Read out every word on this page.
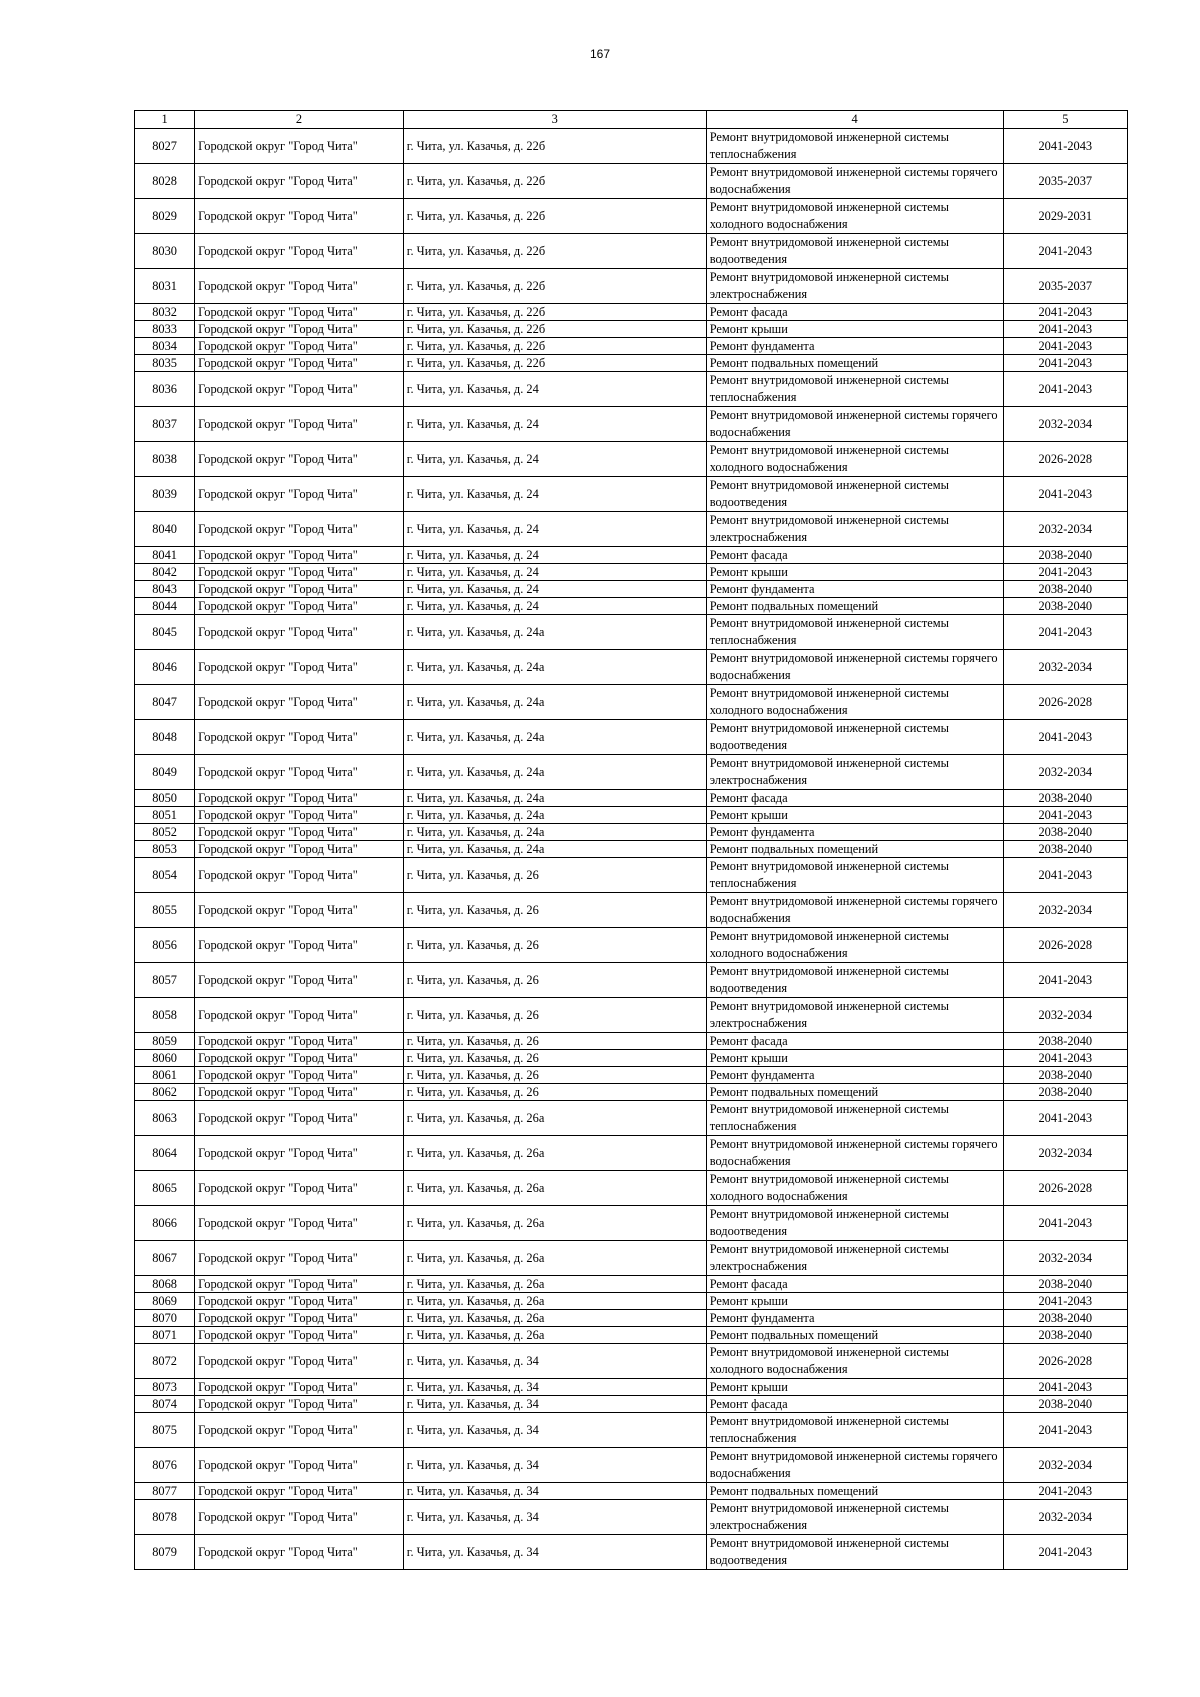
167
1	2	3	4	5
8027	Городской округ "Город Чита"	г. Чита, ул. Казачья, д. 22б	Ремонт внутридомовой инженерной системы теплоснабжения	2041-2043
8028	Городской округ "Город Чита"	г. Чита, ул. Казачья, д. 22б	Ремонт внутридомовой инженерной системы горячего водоснабжения	2035-2037
8029	Городской округ "Город Чита"	г. Чита, ул. Казачья, д. 22б	Ремонт внутридомовой инженерной системы холодного водоснабжения	2029-2031
8030	Городской округ "Город Чита"	г. Чита, ул. Казачья, д. 22б	Ремонт внутридомовой инженерной системы водоотведения	2041-2043
8031	Городской округ "Город Чита"	г. Чита, ул. Казачья, д. 22б	Ремонт внутридомовой инженерной системы электроснабжения	2035-2037
8032	Городской округ "Город Чита"	г. Чита, ул. Казачья, д. 22б	Ремонт фасада	2041-2043
8033	Городской округ "Город Чита"	г. Чита, ул. Казачья, д. 22б	Ремонт крыши	2041-2043
8034	Городской округ "Город Чита"	г. Чита, ул. Казачья, д. 22б	Ремонт фундамента	2041-2043
8035	Городской округ "Город Чита"	г. Чита, ул. Казачья, д. 22б	Ремонт подвальных помещений	2041-2043
8036	Городской округ "Город Чита"	г. Чита, ул. Казачья, д. 24	Ремонт внутридомовой инженерной системы теплоснабжения	2041-2043
8037	Городской округ "Город Чита"	г. Чита, ул. Казачья, д. 24	Ремонт внутридомовой инженерной системы горячего водоснабжения	2032-2034
8038	Городской округ "Город Чита"	г. Чита, ул. Казачья, д. 24	Ремонт внутридомовой инженерной системы холодного водоснабжения	2026-2028
8039	Городской округ "Город Чита"	г. Чита, ул. Казачья, д. 24	Ремонт внутридомовой инженерной системы водоотведения	2041-2043
8040	Городской округ "Город Чита"	г. Чита, ул. Казачья, д. 24	Ремонт внутридомовой инженерной системы электроснабжения	2032-2034
8041	Городской округ "Город Чита"	г. Чита, ул. Казачья, д. 24	Ремонт фасада	2038-2040
8042	Городской округ "Город Чита"	г. Чита, ул. Казачья, д. 24	Ремонт крыши	2041-2043
8043	Городской округ "Город Чита"	г. Чита, ул. Казачья, д. 24	Ремонт фундамента	2038-2040
8044	Городской округ "Город Чита"	г. Чита, ул. Казачья, д. 24	Ремонт подвальных помещений	2038-2040
8045	Городской округ "Город Чита"	г. Чита, ул. Казачья, д. 24а	Ремонт внутридомовой инженерной системы теплоснабжения	2041-2043
8046	Городской округ "Город Чита"	г. Чита, ул. Казачья, д. 24а	Ремонт внутридомовой инженерной системы горячего водоснабжения	2032-2034
8047	Городской округ "Город Чита"	г. Чита, ул. Казачья, д. 24а	Ремонт внутридомовой инженерной системы холодного водоснабжения	2026-2028
8048	Городской округ "Город Чита"	г. Чита, ул. Казачья, д. 24а	Ремонт внутридомовой инженерной системы водоотведения	2041-2043
8049	Городской округ "Город Чита"	г. Чита, ул. Казачья, д. 24а	Ремонт внутридомовой инженерной системы электроснабжения	2032-2034
8050	Городской округ "Город Чита"	г. Чита, ул. Казачья, д. 24а	Ремонт фасада	2038-2040
8051	Городской округ "Город Чита"	г. Чита, ул. Казачья, д. 24а	Ремонт крыши	2041-2043
8052	Городской округ "Город Чита"	г. Чита, ул. Казачья, д. 24а	Ремонт фундамента	2038-2040
8053	Городской округ "Город Чита"	г. Чита, ул. Казачья, д. 24а	Ремонт подвальных помещений	2038-2040
8054	Городской округ "Город Чита"	г. Чита, ул. Казачья, д. 26	Ремонт внутридомовой инженерной системы теплоснабжения	2041-2043
8055	Городской округ "Город Чита"	г. Чита, ул. Казачья, д. 26	Ремонт внутридомовой инженерной системы горячего водоснабжения	2032-2034
8056	Городской округ "Город Чита"	г. Чита, ул. Казачья, д. 26	Ремонт внутридомовой инженерной системы холодного водоснабжения	2026-2028
8057	Городской округ "Город Чита"	г. Чита, ул. Казачья, д. 26	Ремонт внутридомовой инженерной системы водоотведения	2041-2043
8058	Городской округ "Город Чита"	г. Чита, ул. Казачья, д. 26	Ремонт внутридомовой инженерной системы электроснабжения	2032-2034
8059	Городской округ "Город Чита"	г. Чита, ул. Казачья, д. 26	Ремонт фасада	2038-2040
8060	Городской округ "Город Чита"	г. Чита, ул. Казачья, д. 26	Ремонт крыши	2041-2043
8061	Городской округ "Город Чита"	г. Чита, ул. Казачья, д. 26	Ремонт фундамента	2038-2040
8062	Городской округ "Город Чита"	г. Чита, ул. Казачья, д. 26	Ремонт подвальных помещений	2038-2040
8063	Городской округ "Город Чита"	г. Чита, ул. Казачья, д. 26а	Ремонт внутридомовой инженерной системы теплоснабжения	2041-2043
8064	Городской округ "Город Чита"	г. Чита, ул. Казачья, д. 26а	Ремонт внутридомовой инженерной системы горячего водоснабжения	2032-2034
8065	Городской округ "Город Чита"	г. Чита, ул. Казачья, д. 26а	Ремонт внутридомовой инженерной системы холодного водоснабжения	2026-2028
8066	Городской округ "Город Чита"	г. Чита, ул. Казачья, д. 26а	Ремонт внутридомовой инженерной системы водоотведения	2041-2043
8067	Городской округ "Город Чита"	г. Чита, ул. Казачья, д. 26а	Ремонт внутридомовой инженерной системы электроснабжения	2032-2034
8068	Городской округ "Город Чита"	г. Чита, ул. Казачья, д. 26а	Ремонт фасада	2038-2040
8069	Городской округ "Город Чита"	г. Чита, ул. Казачья, д. 26а	Ремонт крыши	2041-2043
8070	Городской округ "Город Чита"	г. Чита, ул. Казачья, д. 26а	Ремонт фундамента	2038-2040
8071	Городской округ "Город Чита"	г. Чита, ул. Казачья, д. 26а	Ремонт подвальных помещений	2038-2040
8072	Городской округ "Город Чита"	г. Чита, ул. Казачья, д. 34	Ремонт внутридомовой инженерной системы холодного водоснабжения	2026-2028
8073	Городской округ "Город Чита"	г. Чита, ул. Казачья, д. 34	Ремонт крыши	2041-2043
8074	Городской округ "Город Чита"	г. Чита, ул. Казачья, д. 34	Ремонт фасада	2038-2040
8075	Городской округ "Город Чита"	г. Чита, ул. Казачья, д. 34	Ремонт внутридомовой инженерной системы теплоснабжения	2041-2043
8076	Городской округ "Город Чита"	г. Чита, ул. Казачья, д. 34	Ремонт внутридомовой инженерной системы горячего водоснабжения	2032-2034
8077	Городской округ "Город Чита"	г. Чита, ул. Казачья, д. 34	Ремонт подвальных помещений	2041-2043
8078	Городской округ "Город Чита"	г. Чита, ул. Казачья, д. 34	Ремонт внутридомовой инженерной системы электроснабжения	2032-2034
8079	Городской округ "Город Чита"	г. Чита, ул. Казачья, д. 34	Ремонт внутридомовой инженерной системы водоотведения	2041-2043
